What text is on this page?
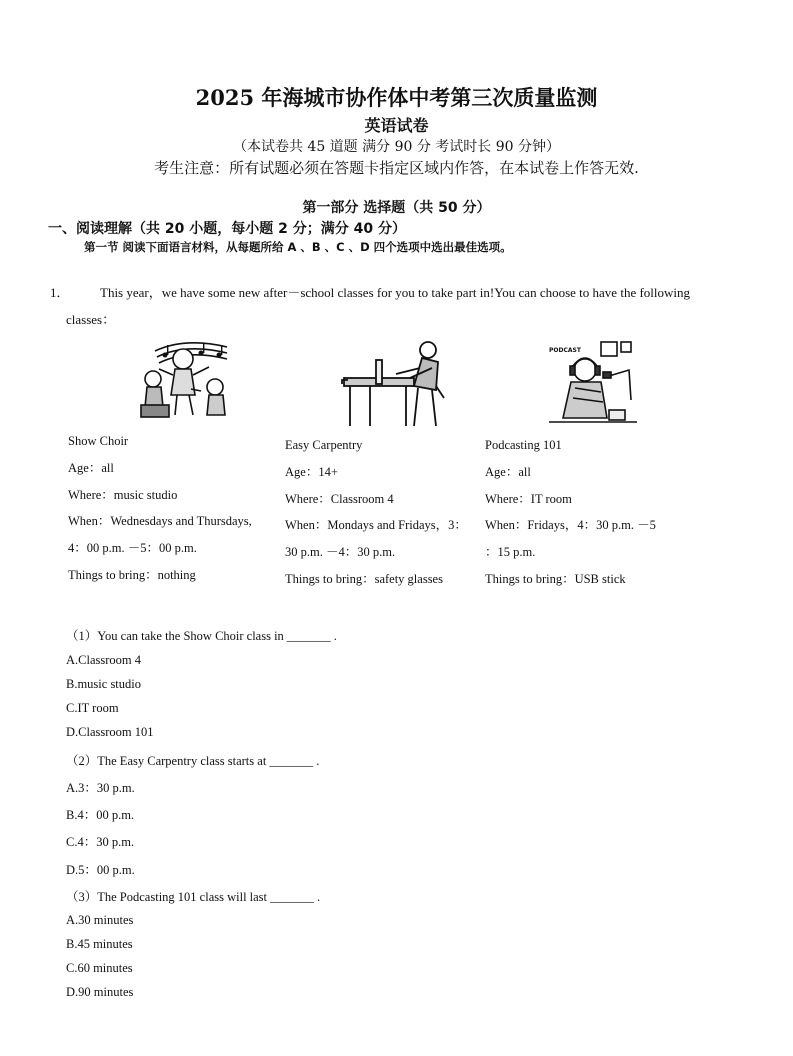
2025 年海城市协作体中考第三次质量监测
英语试卷
（本试卷共 45 道题 满分 90 分 考试时长 90 分钟）
考生注意：所有试题必须在答题卡指定区域内作答，在本试卷上作答无效.
第一部分 选择题（共 50 分）
一、阅读理解（共 20 小题，每小题 2 分；满分 40 分）
第一节 阅读下面语言材料，从每题所给 A 、B 、C 、D 四个选项中选出最佳选项。
1． This year，we have some new after－school classes for you to take part in!You can choose to have the following
classes：
PODCAST
Show Choir
Age：all
Where：music studio
When：Wednesdays and Thursdays,
4：00 p.m. －5：00 p.m.
Things to bring：nothing
Easy Carpentry
Age：14+
Where：Classroom 4
When：Mondays and Fridays，3：
30 p.m. －4：30 p.m.
Things to bring：safety glasses
Podcasting 101
Age：all
Where：IT room
When：Fridays，4：30 p.m. －5
：15 p.m.
Things to bring：USB stick
（1）You can take the Show Choir class in _______ .
A.Classroom 4
B.music studio
C.IT room
D.Classroom 101
（2）The Easy Carpentry class starts at _______ .
A.3：30 p.m.
B.4：00 p.m.
C.4：30 p.m.
D.5：00 p.m.
（3）The Podcasting 101 class will last _______ .
A.30 minutes
B.45 minutes
C.60 minutes
D.90 minutes
